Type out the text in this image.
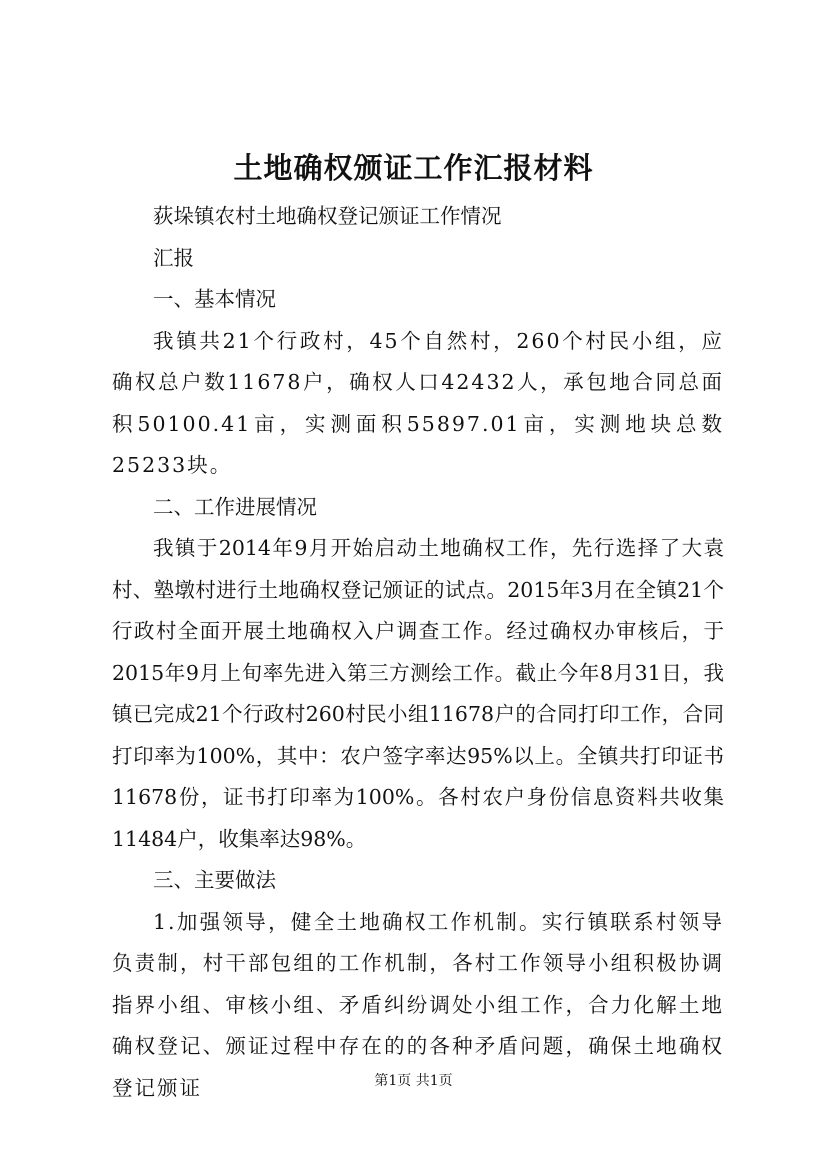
土地确权颁证工作汇报材料

荻垛镇农村土地确权登记颁证工作情况

汇报

一、基本情况

我镇共21个行政村，45个自然村，260个村民小组，应确权总户数11678户，确权人口42432人，承包地合同总面积50100.41亩，实测面积55897.01亩，实测地块总数25233块。

二、工作进展情况

我镇于2014年9月开始启动土地确权工作，先行选择了大袁村、塾墩村进行土地确权登记颁证的试点。2015年3月在全镇21个行政村全面开展土地确权入户调查工作。经过确权办审核后，于2015年9月上旬率先进入第三方测绘工作。截止今年8月31日，我镇已完成21个行政村260村民小组11678户的合同打印工作，合同打印率为100%，其中：农户签字率达95%以上。全镇共打印证书11678份，证书打印率为100%。各村农户身份信息资料共收集11484户，收集率达98%。

三、主要做法

1.加强领导，健全土地确权工作机制。实行镇联系村领导负责制，村干部包组的工作机制，各村工作领导小组积极协调指界小组、审核小组、矛盾纠纷调处小组工作，合力化解土地确权登记、颁证过程中存在的的各种矛盾问题，确保土地确权登记颁证	第1页 共1页
